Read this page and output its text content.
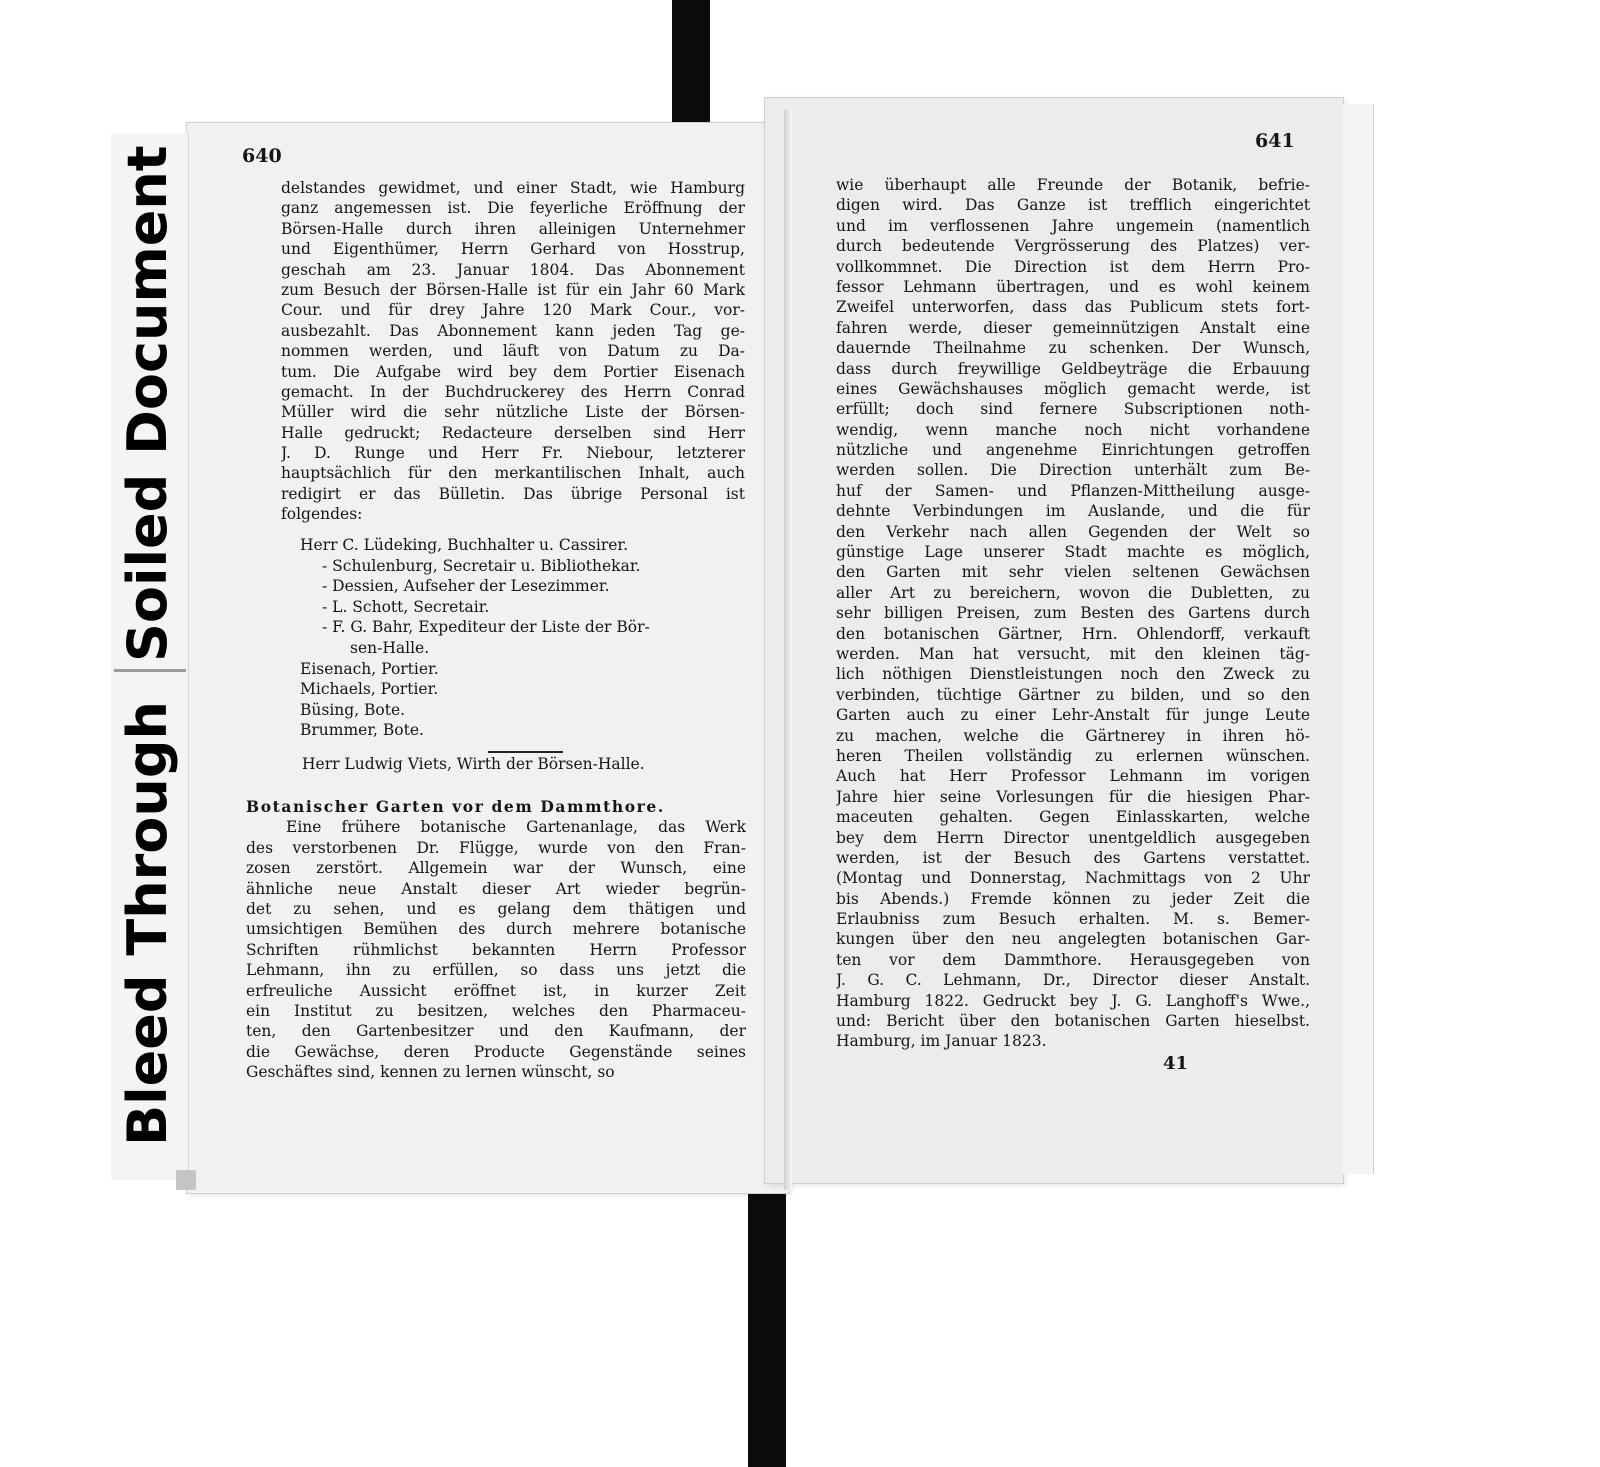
Soiled Document
Bleed Through
640
641
delstandes gewidmet, und einer Stadt, wie Hamburg
ganz angemessen ist. Die feyerliche Eröffnung der
Börsen-Halle durch ihren alleinigen Unternehmer
und Eigenthümer, Herrn Gerhard von Hosstrup,
geschah am 23. Januar 1804. Das Abonnement
zum Besuch der Börsen-Halle ist für ein Jahr 60 Mark
Cour. und für drey Jahre 120 Mark Cour., vor-
ausbezahlt. Das Abonnement kann jeden Tag ge-
nommen werden, und läuft von Datum zu Da-
tum. Die Aufgabe wird bey dem Portier Eisenach
gemacht. In der Buchdruckerey des Herrn Conrad
Müller wird die sehr nützliche Liste der Börsen-
Halle gedruckt; Redacteure derselben sind Herr
J. D. Runge und Herr Fr. Niebour, letzterer
hauptsächlich für den merkantilischen Inhalt, auch
redigirt er das Bülletin. Das übrige Personal ist
folgendes:
Herr C. Lüdeking, Buchhalter u. Cassirer.
- Schulenburg, Secretair u. Bibliothekar.
- Dessien, Aufseher der Lesezimmer.
- L. Schott, Secretair.
- F. G. Bahr, Expediteur der Liste der Bör-
sen-Halle.
Eisenach, Portier.
Michaels, Portier.
Büsing, Bote.
Brummer, Bote.
Herr Ludwig Viets, Wirth der Börsen-Halle.
Botanischer Garten vor dem Dammthore.
Eine frühere botanische Gartenanlage, das Werk
des verstorbenen Dr. Flügge, wurde von den Fran-
zosen zerstört. Allgemein war der Wunsch, eine
ähnliche neue Anstalt dieser Art wieder begrün-
det zu sehen, und es gelang dem thätigen und
umsichtigen Bemühen des durch mehrere botanische
Schriften rühmlichst bekannten Herrn Professor
Lehmann, ihn zu erfüllen, so dass uns jetzt die
erfreuliche Aussicht eröffnet ist, in kurzer Zeit
ein Institut zu besitzen, welches den Pharmaceu-
ten, den Gartenbesitzer und den Kaufmann, der
die Gewächse, deren Producte Gegenstände seines
Geschäftes sind, kennen zu lernen wünscht, so
wie überhaupt alle Freunde der Botanik, befrie-
digen wird. Das Ganze ist trefflich eingerichtet
und im verflossenen Jahre ungemein (namentlich
durch bedeutende Vergrösserung des Platzes) ver-
vollkommnet. Die Direction ist dem Herrn Pro-
fessor Lehmann übertragen, und es wohl keinem
Zweifel unterworfen, dass das Publicum stets fort-
fahren werde, dieser gemeinnützigen Anstalt eine
dauernde Theilnahme zu schenken. Der Wunsch,
dass durch freywillige Geldbeyträge die Erbauung
eines Gewächshauses möglich gemacht werde, ist
erfüllt; doch sind fernere Subscriptionen noth-
wendig, wenn manche noch nicht vorhandene
nützliche und angenehme Einrichtungen getroffen
werden sollen. Die Direction unterhält zum Be-
huf der Samen- und Pflanzen-Mittheilung ausge-
dehnte Verbindungen im Auslande, und die für
den Verkehr nach allen Gegenden der Welt so
günstige Lage unserer Stadt machte es möglich,
den Garten mit sehr vielen seltenen Gewächsen
aller Art zu bereichern, wovon die Dubletten, zu
sehr billigen Preisen, zum Besten des Gartens durch
den botanischen Gärtner, Hrn. Ohlendorff, verkauft
werden. Man hat versucht, mit den kleinen täg-
lich nöthigen Dienstleistungen noch den Zweck zu
verbinden, tüchtige Gärtner zu bilden, und so den
Garten auch zu einer Lehr-Anstalt für junge Leute
zu machen, welche die Gärtnerey in ihren hö-
heren Theilen vollständig zu erlernen wünschen.
Auch hat Herr Professor Lehmann im vorigen
Jahre hier seine Vorlesungen für die hiesigen Phar-
maceuten gehalten. Gegen Einlasskarten, welche
bey dem Herrn Director unentgeldlich ausgegeben
werden, ist der Besuch des Gartens verstattet.
(Montag und Donnerstag, Nachmittags von 2 Uhr
bis Abends.) Fremde können zu jeder Zeit die
Erlaubniss zum Besuch erhalten. M. s. Bemer-
kungen über den neu angelegten botanischen Gar-
ten vor dem Dammthore. Herausgegeben von
J. G. C. Lehmann, Dr., Director dieser Anstalt.
Hamburg 1822. Gedruckt bey J. G. Langhoff's Wwe.,
und: Bericht über den botanischen Garten hieselbst.
Hamburg, im Januar 1823.
41
